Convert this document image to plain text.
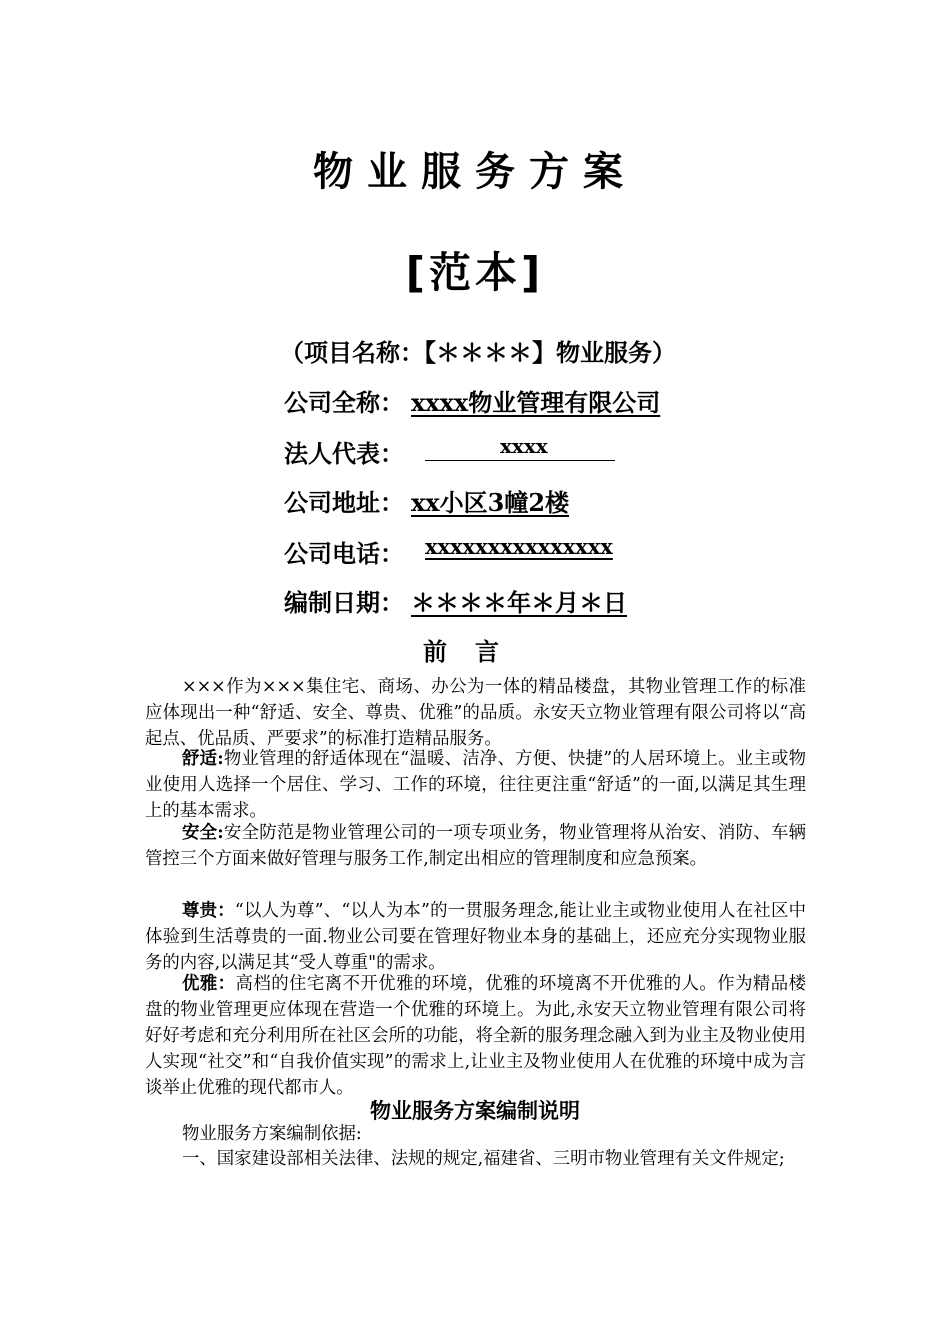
物业服务方案
[范本]
（项目名称：【＊＊＊＊】物业服务）
公司全称： xxxx物业管理有限公司
法人代表：	xxxx
公司地址： xx小区3幢2楼
公司电话： xxxxxxxxxxxxxxx
编制日期： ＊＊＊＊年＊月＊日
前言

×××作为×××集住宅、商场、办公为一体的精品楼盘，其物业管理工作的标准应体现出一种“舒适、安全、尊贵、优雅”的品质。永安天立物业管理有限公司将以“高起点、优品质、严要求”的标准打造精品服务。

舒适:物业管理的舒适体现在“温暖、洁净、方便、快捷”的人居环境上。业主或物业使用人选择一个居住、学习、工作的环境，往往更注重“舒适”的一面,以满足其生理上的基本需求。

安全:安全防范是物业管理公司的一项专项业务，物业管理将从治安、消防、车辆管控三个方面来做好管理与服务工作,制定出相应的管理制度和应急预案。

尊贵：“以人为尊”、“以人为本”的一贯服务理念,能让业主或物业使用人在社区中体验到生活尊贵的一面.物业公司要在管理好物业本身的基础上，还应充分实现物业服务的内容,以满足其“受人尊重"的需求。

优雅：高档的住宅离不开优雅的环境，优雅的环境离不开优雅的人。作为精品楼盘的物业管理更应体现在营造一个优雅的环境上。为此,永安天立物业管理有限公司将好好考虑和充分利用所在社区会所的功能，将全新的服务理念融入到为业主及物业使用人实现“社交”和“自我价值实现”的需求上,让业主及物业使用人在优雅的环境中成为言谈举止优雅的现代都市人。

物业服务方案编制说明

物业服务方案编制依据:

一、国家建设部相关法律、法规的规定,福建省、三明市物业管理有关文件规定;
